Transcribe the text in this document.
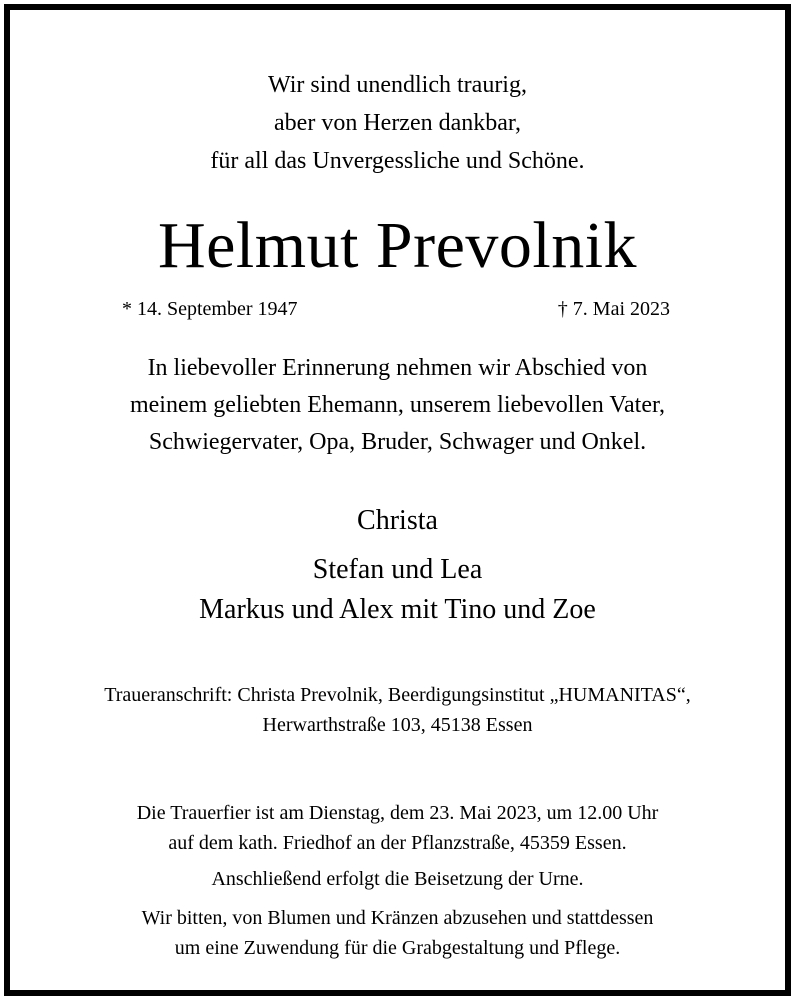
Wir sind unendlich traurig,
aber von Herzen dankbar,
für all das Unvergessliche und Schöne.
Helmut Prevolnik
* 14. September 1947	† 7. Mai 2023
In liebevoller Erinnerung nehmen wir Abschied von
meinem geliebten Ehemann, unserem liebevollen Vater,
Schwiegervater, Opa, Bruder, Schwager und Onkel.
Christa
Stefan und Lea
Markus und Alex mit Tino und Zoe
Traueranschrift: Christa Prevolnik, Beerdigungsinstitut „HUMANITAS“,
Herwarthstraße 103, 45138 Essen
Die Trauerfier ist am Dienstag, dem 23. Mai 2023, um 12.00 Uhr
auf dem kath. Friedhof an der Pflanzstraße, 45359 Essen.
Anschließend erfolgt die Beisetzung der Urne.
Wir bitten, von Blumen und Kränzen abzusehen und stattdessen
um eine Zuwendung für die Grabgestaltung und Pflege.
